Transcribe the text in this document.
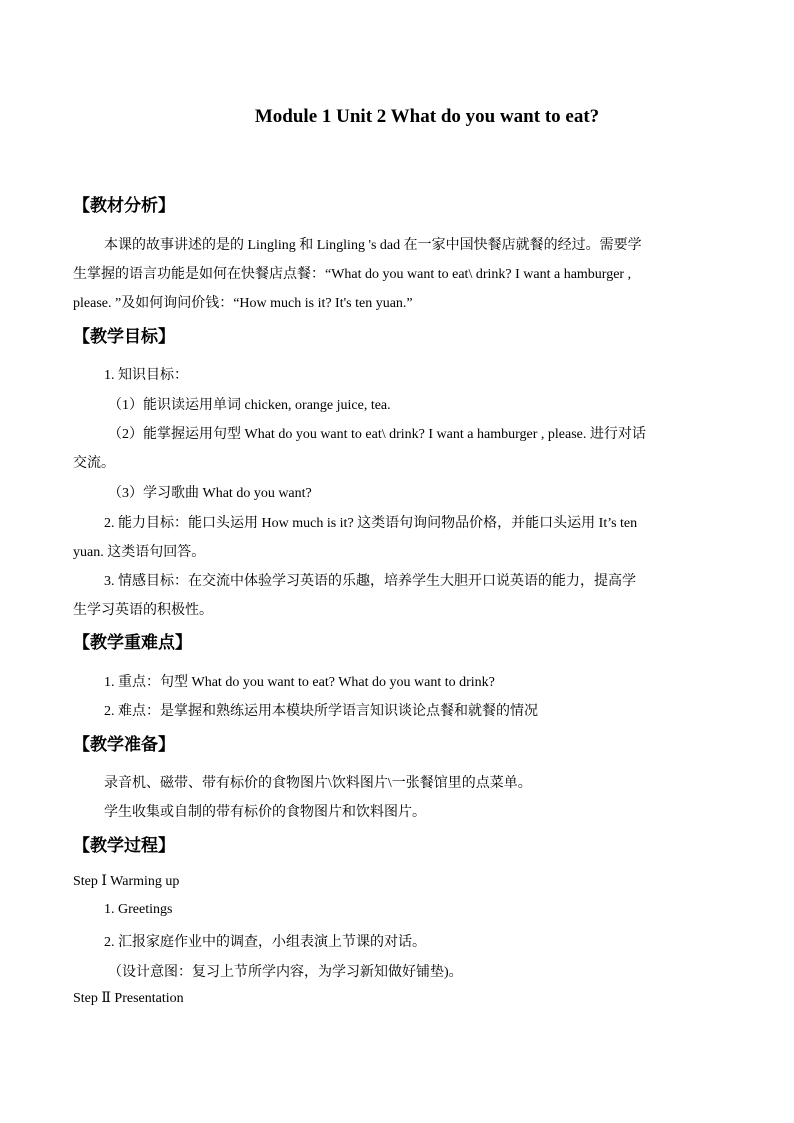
Module 1 Unit 2 What do you want to eat?
【教材分析】
本课的故事讲述的是的 Lingling 和 Lingling 's dad 在一家中国快餐店就餐的经过。需要学
生掌握的语言功能是如何在快餐店点餐：“What do you want to eat\ drink? I want a hamburger ,
please. ”及如何询问价钱：“How much is it? It's ten yuan.”
【教学目标】
1. 知识目标：
（1）能识读运用单词 chicken, orange juice, tea.
（2）能掌握运用句型 What do you want to eat\ drink? I want a hamburger , please. 进行对话
交流。
（3）学习歌曲 What do you want?
2. 能力目标：能口头运用 How much is it? 这类语句询问物品价格，并能口头运用 It’s ten
yuan. 这类语句回答。
3. 情感目标：在交流中体验学习英语的乐趣，培养学生大胆开口说英语的能力，提高学
生学习英语的积极性。
【教学重难点】
1. 重点：句型 What do you want to eat? What do you want to drink?
2. 难点：是掌握和熟练运用本模块所学语言知识谈论点餐和就餐的情况
【教学准备】
录音机、磁带、带有标价的食物图片\饮料图片\一张餐馆里的点菜单。
学生收集或自制的带有标价的食物图片和饮料图片。
【教学过程】
Step Ⅰ Warming up
1. Greetings
2. 汇报家庭作业中的调查，小组表演上节课的对话。
（设计意图：复习上节所学内容，为学习新知做好铺垫)。
Step Ⅱ Presentation
